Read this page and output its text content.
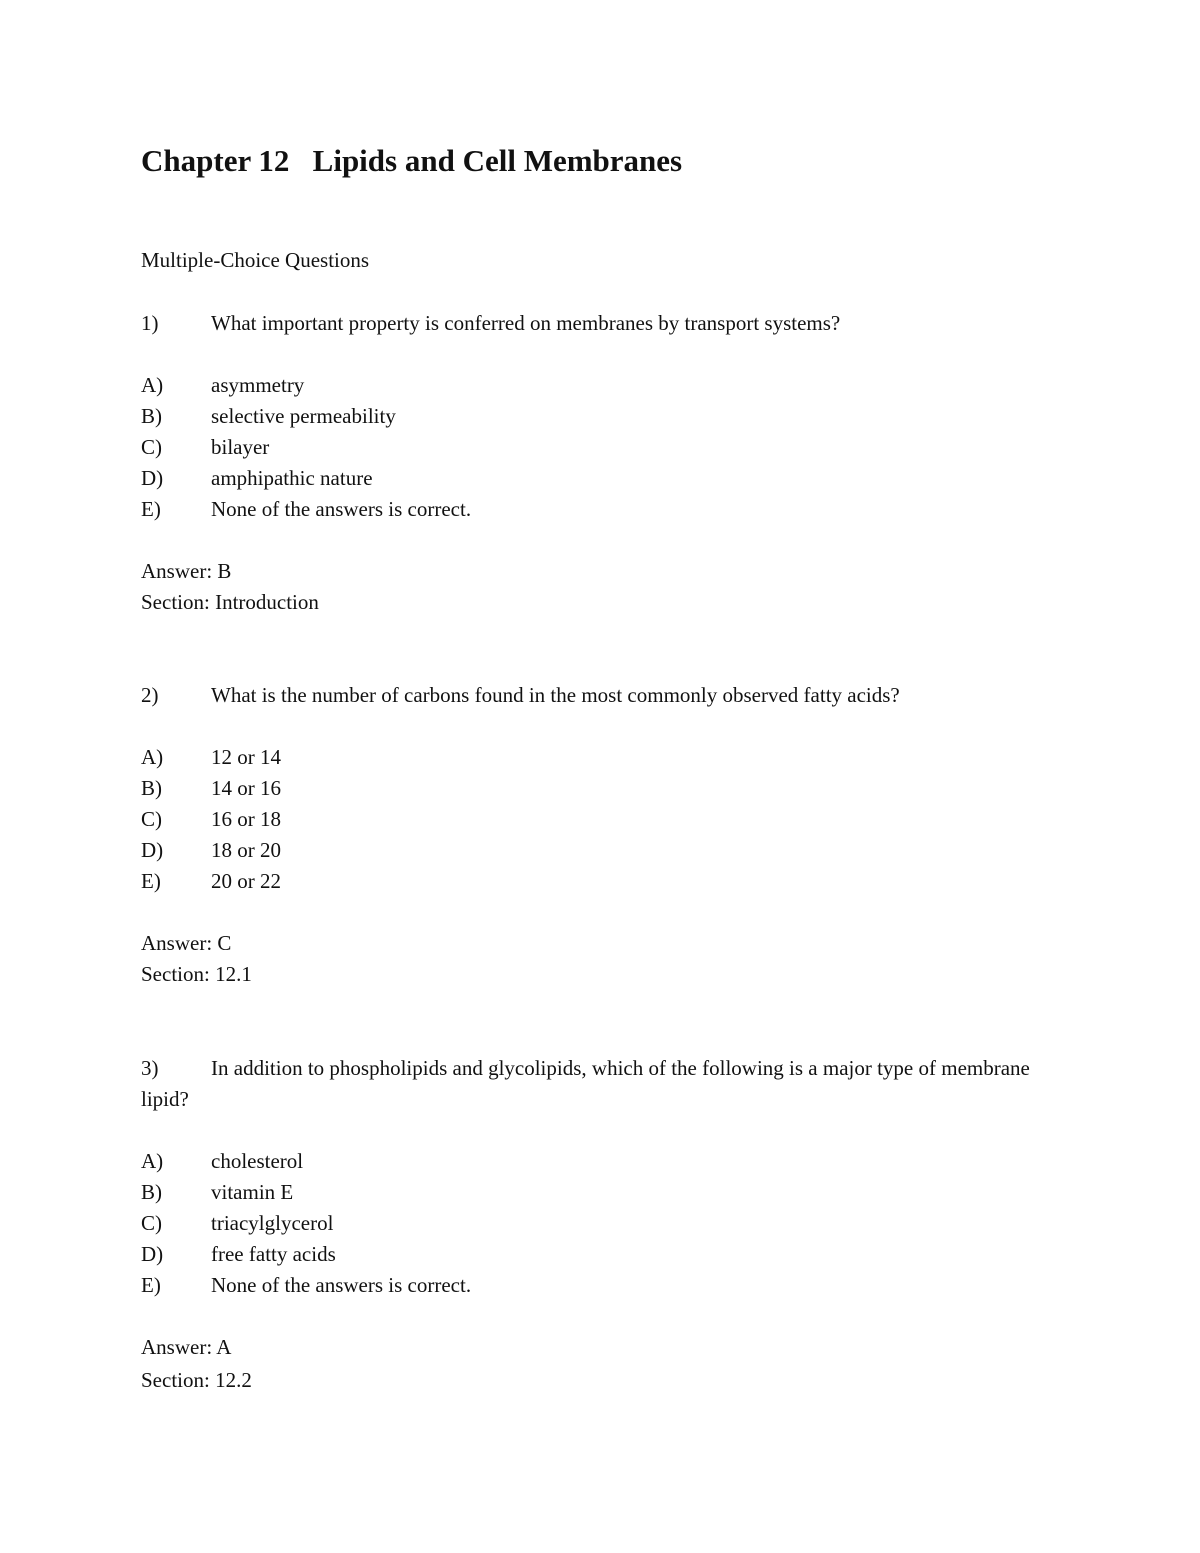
Chapter 12   Lipids and Cell Membranes
Multiple-Choice Questions
1)	What important property is conferred on membranes by transport systems?
A)	asymmetry
B)	selective permeability
C)	bilayer
D)	amphipathic nature
E)	None of the answers is correct.
Answer: B
Section: Introduction
2)	What is the number of carbons found in the most commonly observed fatty acids?
A)	12 or 14
B)	14 or 16
C)	16 or 18
D)	18 or 20
E)	20 or 22
Answer: C
Section: 12.1
3)	In addition to phospholipids and glycolipids, which of the following is a major type of membrane lipid?
A)	cholesterol
B)	vitamin E
C)	triacylglycerol
D)	free fatty acids
E)	None of the answers is correct.
Answer: A
Section: 12.2
